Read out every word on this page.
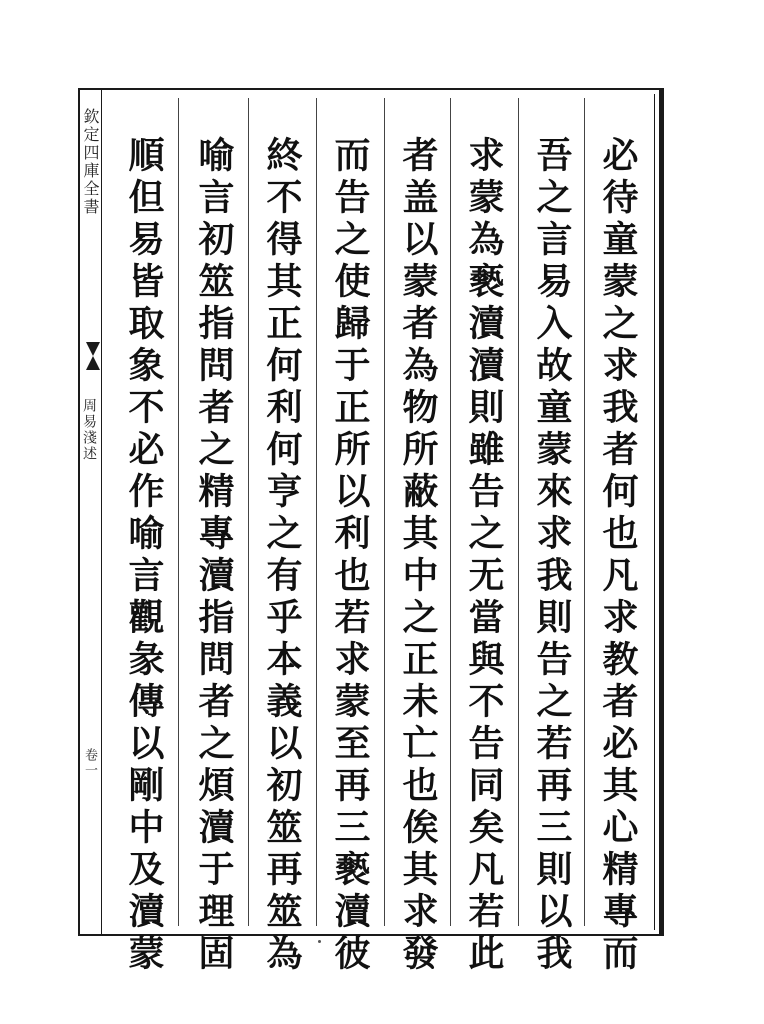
欽定四庫全書
周易淺述
卷一	必待童蒙之求我者何也凡求教者必其心精專而
吾之言易入故童蒙來求我則告之若再三則以我
求蒙為褻瀆瀆則雖告之无當與不告同矣凡若此
者盖以蒙者為物所蔽其中之正未亡也俟其求發
而告之使歸于正所以利也若求蒙至再三褻瀆彼
終不得其正何利何亨之有乎本義以初筮再筮為
喻言初筮指問者之精專瀆指問者之煩瀆于理固
順但易皆取象不必作喻言觀彖傳以剛中及瀆蒙
